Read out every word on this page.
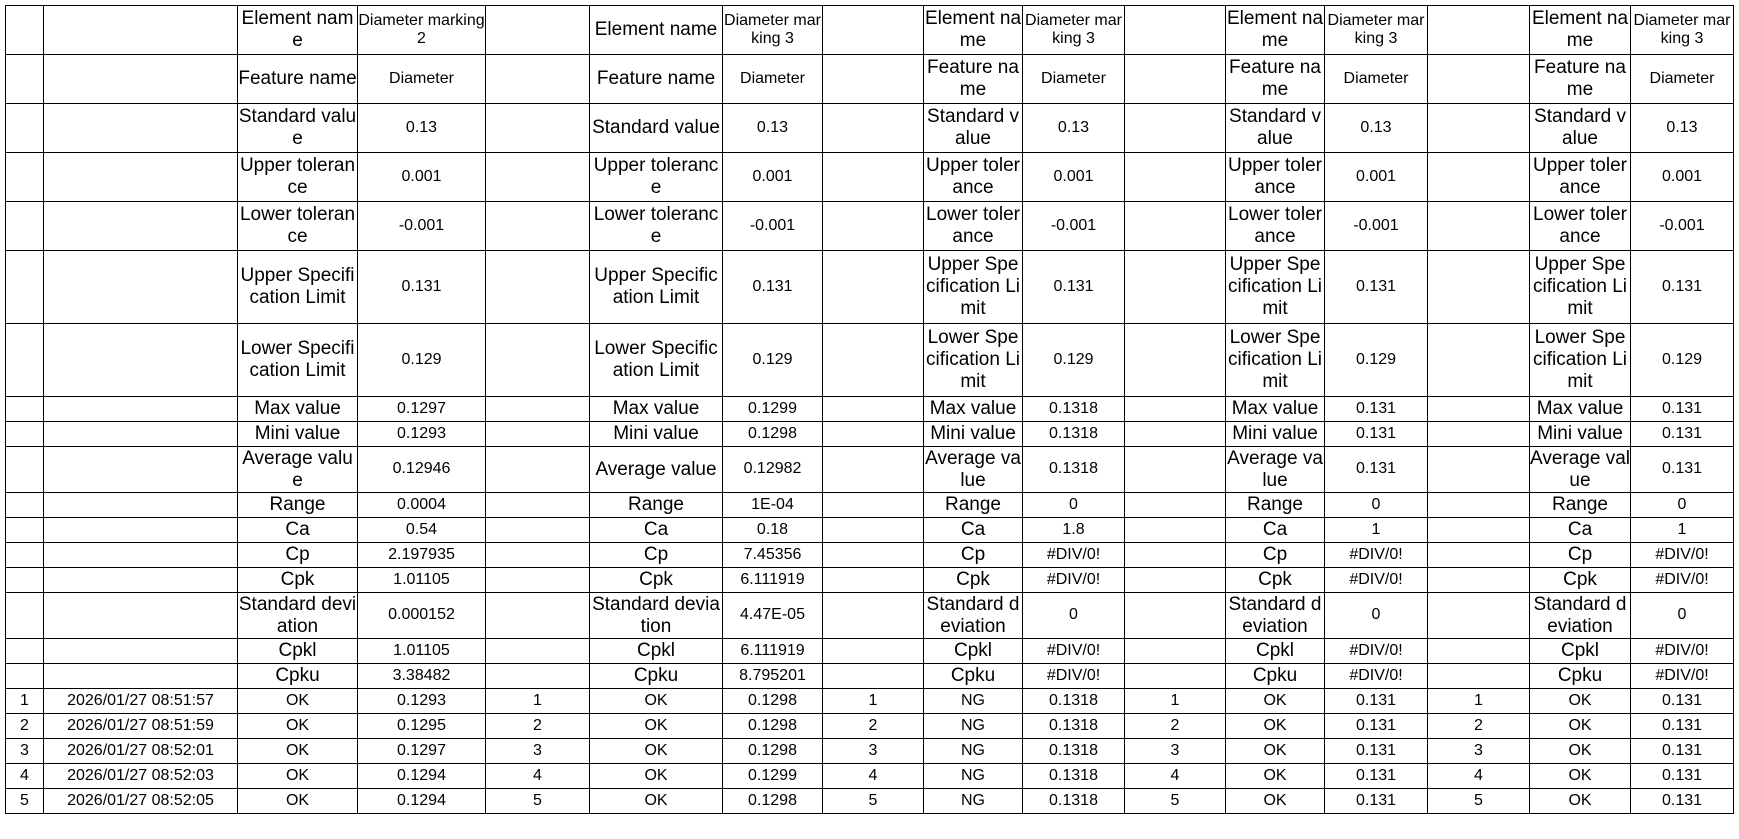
		Element name	Diameter marking 2		Element name	Diameter marking 3		Element name	Diameter marking 3		Element name	Diameter marking 3		Element name	Diameter marking 3
		Feature name	Diameter		Feature name	Diameter		Feature name	Diameter		Feature name	Diameter		Feature name	Diameter
		Standard value	0.13		Standard value	0.13		Standard value	0.13		Standard value	0.13		Standard value	0.13
		Upper tolerance	0.001		Upper tolerance	0.001		Upper tolerance	0.001		Upper tolerance	0.001		Upper tolerance	0.001
		Lower tolerance	-0.001		Lower tolerance	-0.001		Lower tolerance	-0.001		Lower tolerance	-0.001		Lower tolerance	-0.001
		Upper Specification Limit	0.131		Upper Specification Limit	0.131		Upper Specification Limit	0.131		Upper Specification Limit	0.131		Upper Specification Limit	0.131
		Lower Specification Limit	0.129		Lower Specification Limit	0.129		Lower Specification Limit	0.129		Lower Specification Limit	0.129		Lower Specification Limit	0.129
		Max value	0.1297		Max value	0.1299		Max value	0.1318		Max value	0.131		Max value	0.131
		Mini value	0.1293		Mini value	0.1298		Mini value	0.1318		Mini value	0.131		Mini value	0.131
		Average value	0.12946		Average value	0.12982		Average value	0.1318		Average value	0.131		Average value	0.131
		Range	0.0004		Range	1E-04		Range	0		Range	0		Range	0
		Ca	0.54		Ca	0.18		Ca	1.8		Ca	1		Ca	1
		Cp	2.197935		Cp	7.45356		Cp	#DIV/0!		Cp	#DIV/0!		Cp	#DIV/0!
		Cpk	1.01105		Cpk	6.111919		Cpk	#DIV/0!		Cpk	#DIV/0!		Cpk	#DIV/0!
		Standard deviation	0.000152		Standard deviation	4.47E-05		Standard deviation	0		Standard deviation	0		Standard deviation	0
		Cpkl	1.01105		Cpkl	6.111919		Cpkl	#DIV/0!		Cpkl	#DIV/0!		Cpkl	#DIV/0!
		Cpku	3.38482		Cpku	8.795201		Cpku	#DIV/0!		Cpku	#DIV/0!		Cpku	#DIV/0!
1	2026/01/27 08:51:57	OK	0.1293	1	OK	0.1298	1	NG	0.1318	1	OK	0.131	1	OK	0.131
2	2026/01/27 08:51:59	OK	0.1295	2	OK	0.1298	2	NG	0.1318	2	OK	0.131	2	OK	0.131
3	2026/01/27 08:52:01	OK	0.1297	3	OK	0.1298	3	NG	0.1318	3	OK	0.131	3	OK	0.131
4	2026/01/27 08:52:03	OK	0.1294	4	OK	0.1299	4	NG	0.1318	4	OK	0.131	4	OK	0.131
5	2026/01/27 08:52:05	OK	0.1294	5	OK	0.1298	5	NG	0.1318	5	OK	0.131	5	OK	0.131
